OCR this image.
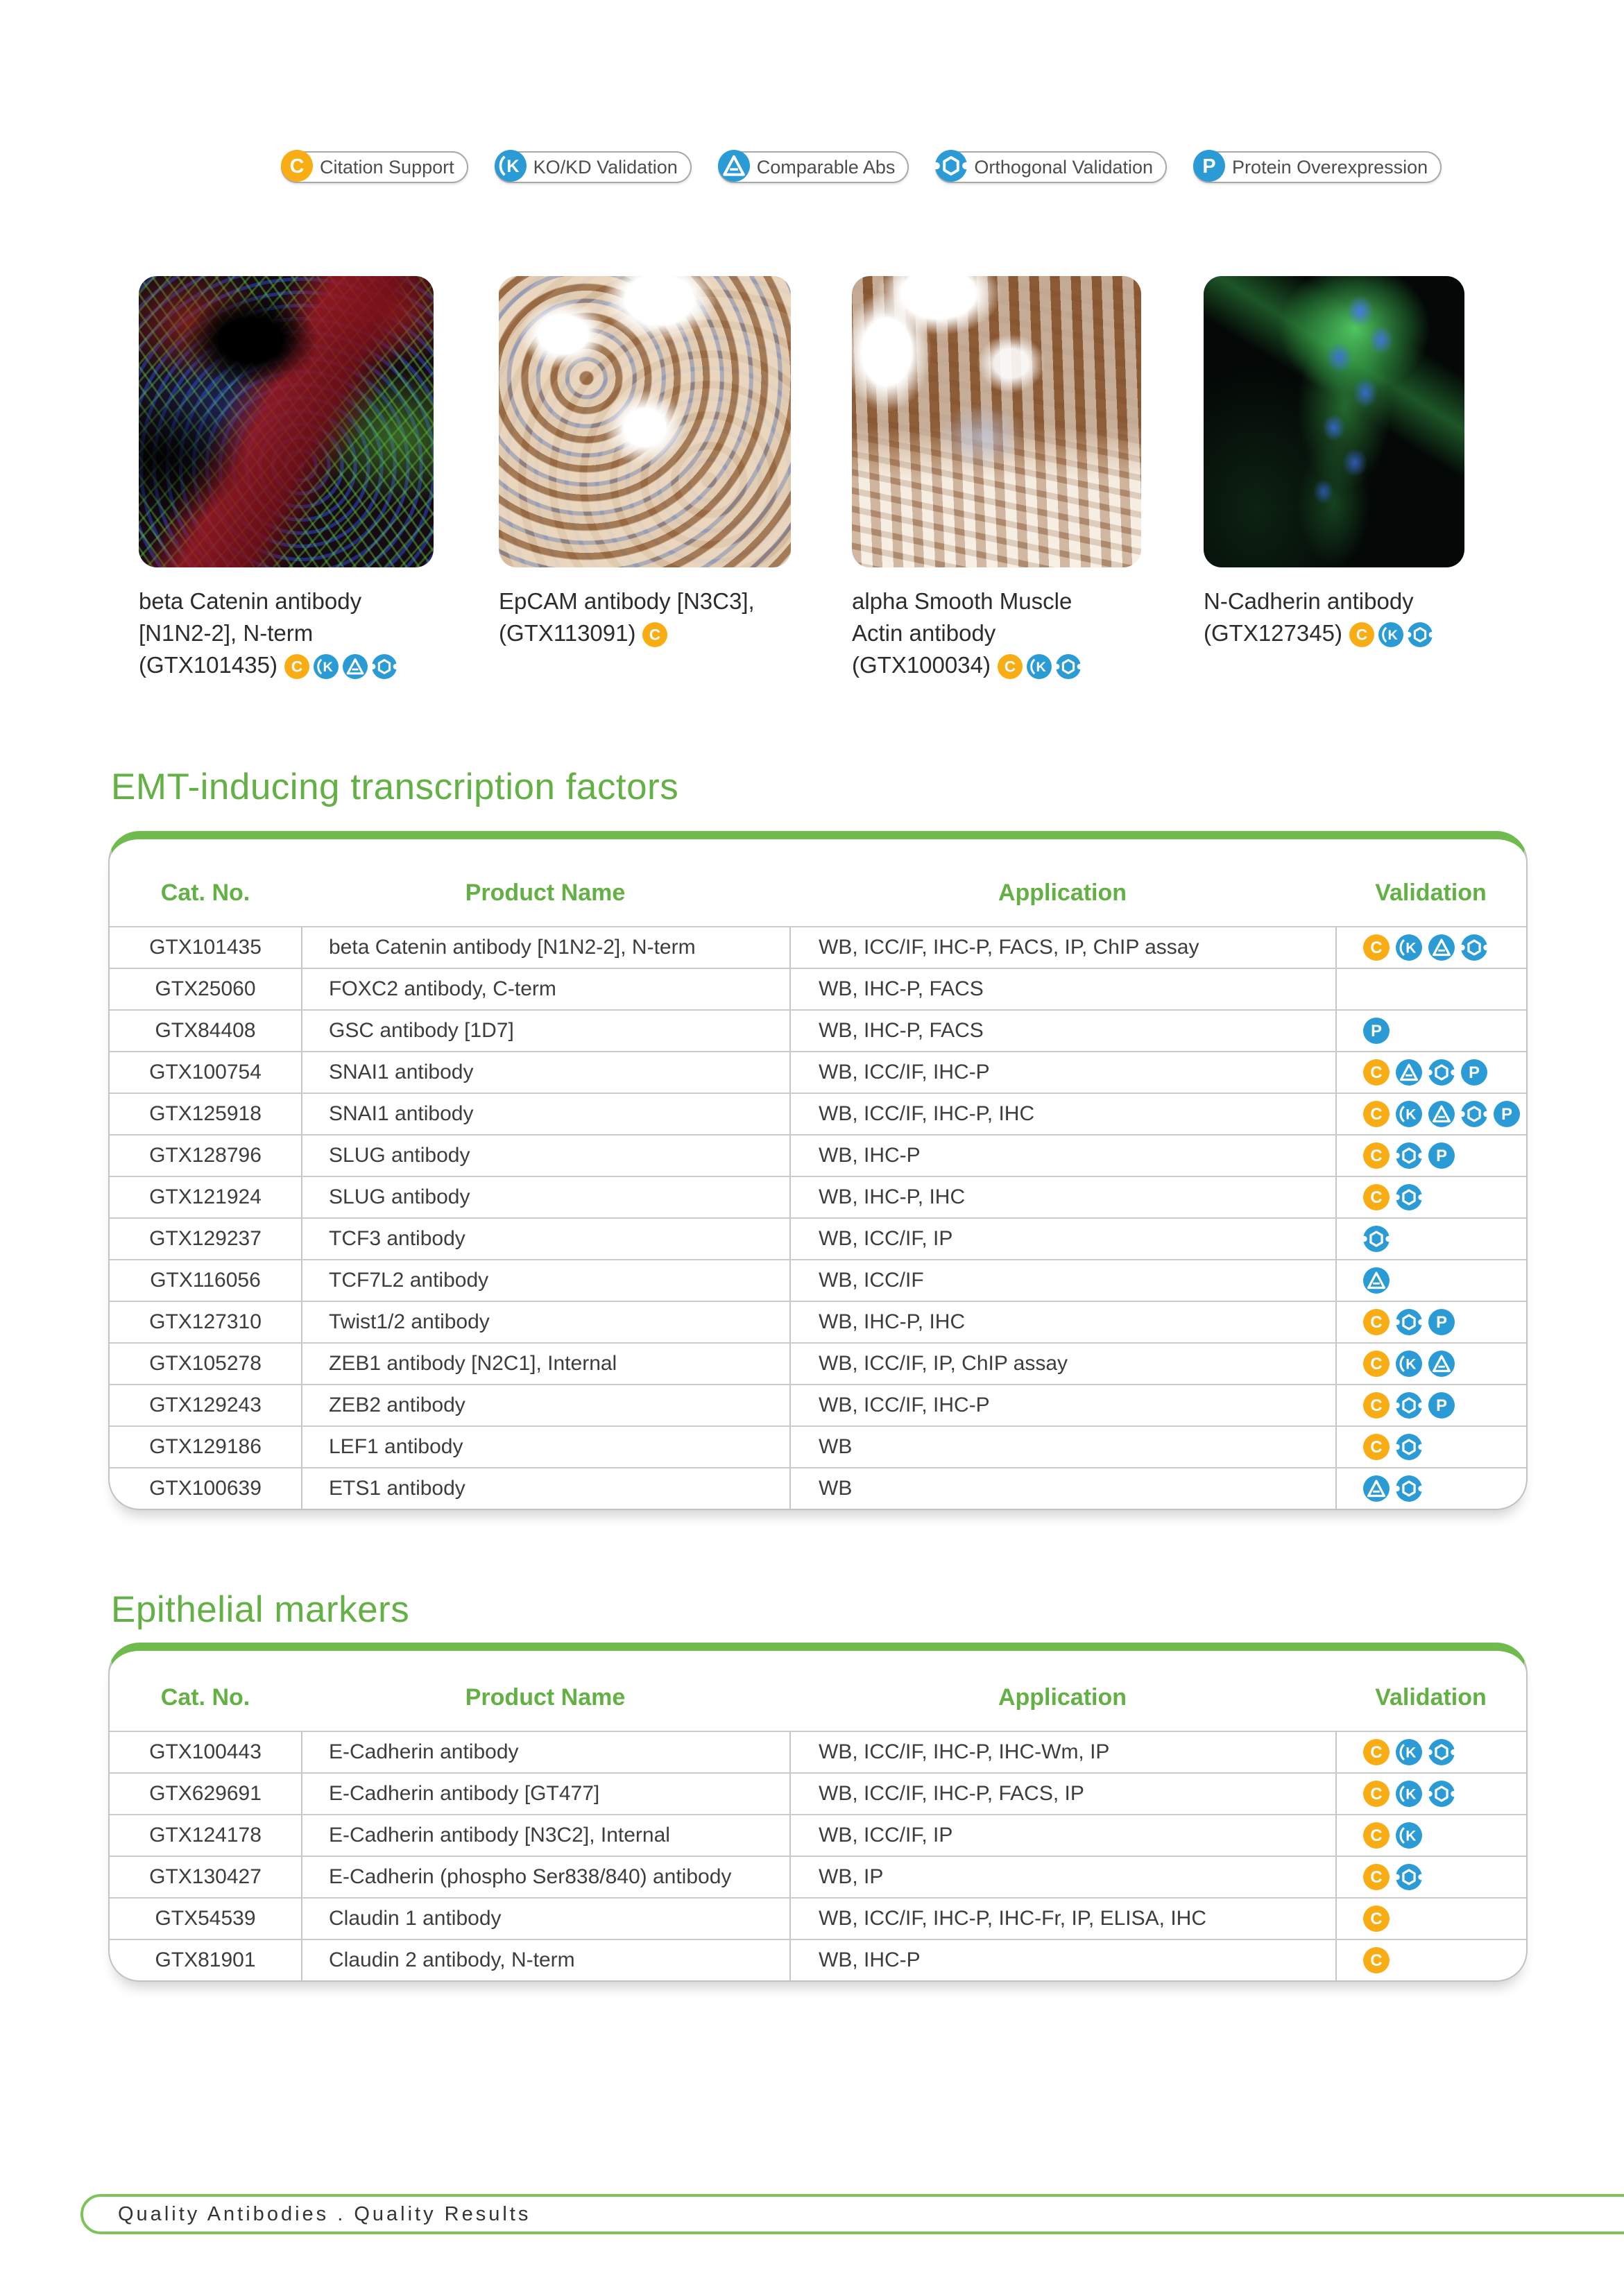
C Citation Support	K KO/KD Validation	Comparable Abs	Orthogonal Validation	P Protein Overexpression
beta Catenin antibody
[N1N2-2], N-term
(GTX101435) C K
EpCAM antibody [N3C3],
(GTX113091) C
alpha Smooth Muscle
Actin antibody
(GTX100034) C K
N-Cadherin antibody
(GTX127345) C K
EMT-inducing transcription factors
Cat. No.	Product Name	Application	Validation
GTX101435	beta Catenin antibody [N1N2-2], N-term	WB, ICC/IF, IHC-P, FACS, IP, ChIP assay	C K
GTX25060	FOXC2 antibody, C-term	WB, IHC-P, FACS
GTX84408	GSC antibody [1D7]	WB, IHC-P, FACS	P
GTX100754	SNAI1 antibody	WB, ICC/IF, IHC-P	C	P
GTX125918	SNAI1 antibody	WB, ICC/IF, IHC-P, IHC	C K	P
GTX128796	SLUG antibody	WB, IHC-P	C	P
GTX121924	SLUG antibody	WB, IHC-P, IHC	C
GTX129237	TCF3 antibody	WB, ICC/IF, IP
GTX116056	TCF7L2 antibody	WB, ICC/IF
GTX127310	Twist1/2 antibody	WB, IHC-P, IHC	C	P
GTX105278	ZEB1 antibody [N2C1], Internal	WB, ICC/IF, IP, ChIP assay	C K
GTX129243	ZEB2 antibody	WB, ICC/IF, IHC-P	C	P
GTX129186	LEF1 antibody	WB	C
GTX100639	ETS1 antibody	WB
Epithelial markers
Cat. No.	Product Name	Application	Validation
GTX100443	E-Cadherin antibody	WB, ICC/IF, IHC-P, IHC-Wm, IP	C K
GTX629691	E-Cadherin antibody [GT477]	WB, ICC/IF, IHC-P, FACS, IP	C K
GTX124178	E-Cadherin antibody [N3C2], Internal	WB, ICC/IF, IP	C K
GTX130427	E-Cadherin (phospho Ser838/840) antibody	WB, IP	C
GTX54539	Claudin 1 antibody	WB, ICC/IF, IHC-P, IHC-Fr, IP, ELISA, IHC	C
GTX81901	Claudin 2 antibody, N-term	WB, IHC-P	C
Quality Antibodies . Quality Results
